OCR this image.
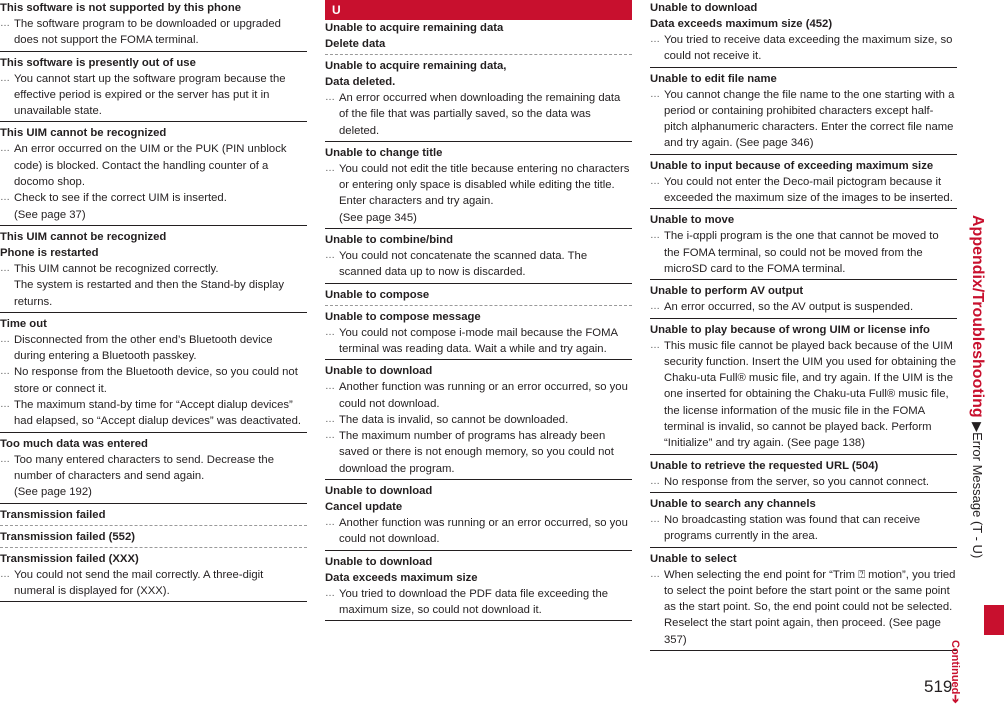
This software is not supported by this phone
… The software program to be downloaded or upgraded does not support the FOMA terminal.
This software is presently out of use
… You cannot start up the software program because the effective period is expired or the server has put it in unavailable state.
This UIM cannot be recognized
… An error occurred on the UIM or the PUK (PIN unblock code) is blocked. Contact the handling counter of a docomo shop.
… Check to see if the correct UIM is inserted.
(See page 37)
This UIM cannot be recognized
Phone is restarted
… This UIM cannot be recognized correctly.
The system is restarted and then the Stand-by display returns.
Time out
… Disconnected from the other end’s Bluetooth device during entering a Bluetooth passkey.
… No response from the Bluetooth device, so you could not store or connect it.
… The maximum stand-by time for “Accept dialup devices” had elapsed, so “Accept dialup devices” was deactivated.
Too much data was entered
… Too many entered characters to send. Decrease the number of characters and send again.
(See page 192)
Transmission failed
Transmission failed (552)
Transmission failed (XXX)
… You could not send the mail correctly. A three-digit numeral is displayed for (XXX).
U
Unable to acquire remaining data
Delete data
Unable to acquire remaining data,
Data deleted.
… An error occurred when downloading the remaining data of the file that was partially saved, so the data was deleted.
Unable to change title
… You could not edit the title because entering no characters or entering only space is disabled while editing the title. Enter characters and try again.
(See page 345)
Unable to combine/bind
… You could not concatenate the scanned data. The scanned data up to now is discarded.
Unable to compose
Unable to compose message
… You could not compose i-mode mail because the FOMA terminal was reading data. Wait a while and try again.
Unable to download
… Another function was running or an error occurred, so you could not download.
… The data is invalid, so cannot be downloaded.
… The maximum number of programs has already been saved or there is not enough memory, so you could not download the program.
Unable to download
Cancel update
… Another function was running or an error occurred, so you could not download.
Unable to download
Data exceeds maximum size
… You tried to download the PDF data file exceeding the maximum size, so could not download it.
Unable to download
Data exceeds maximum size (452)
… You tried to receive data exceeding the maximum size, so could not receive it.
Unable to edit file name
… You cannot change the file name to the one starting with a period or containing prohibited characters except half-pitch alphanumeric characters. Enter the correct file name and try again. (See page 346)
Unable to input because of exceeding maximum size
… You could not enter the Deco-mail pictogram because it exceeded the maximum size of the images to be inserted.
Unable to move
… The i-αppli program is the one that cannot be moved to the FOMA terminal, so could not be moved from the microSD card to the FOMA terminal.
Unable to perform AV output
… An error occurred, so the AV output is suspended.
Unable to play because of wrong UIM or license info
… This music file cannot be played back because of the UIM security function. Insert the UIM you used for obtaining the Chaku-uta Full® music file, and try again. If the UIM is the one inserted for obtaining the Chaku-uta Full® music file, the license information of the music file in the FOMA terminal is invalid, so cannot be played back. Perform “Initialize” and try again. (See page 138)
Unable to retrieve the requested URL (504)
… No response from the server, so you cannot connect.
Unable to search any channels
… No broadcasting station was found that can receive programs currently in the area.
Unable to select
… When selecting the end point for “Trim ⍰ motion”, you tried to select the point before the start point or the same point as the start point. So, the end point could not be selected. Reselect the start point again, then proceed. (See page 357)
Appendix/Troubleshooting ▶Error Message (T - U)
Continued➔
519
